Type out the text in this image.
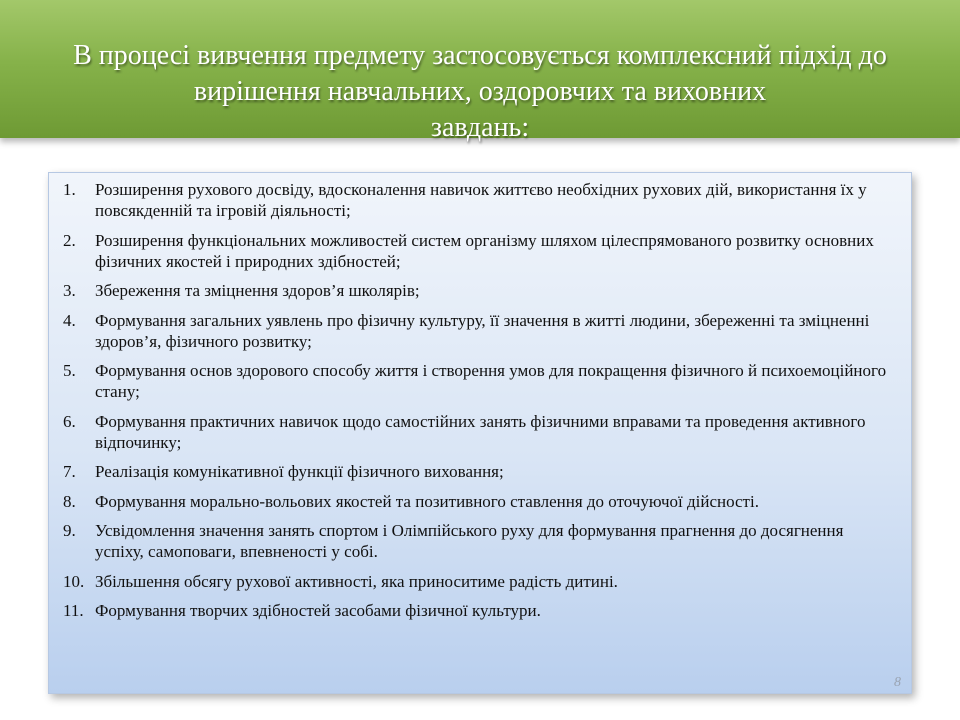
В процесі вивчення предмету застосовується комплексний підхід до
вирішення навчальних, оздоровчих та виховних
завдань:
1.	Розширення рухового досвіду, вдосконалення навичок життєво необхідних рухових дій, використання їх у повсякденній та ігровій діяльності;
2.	Розширення функціональних можливостей систем організму шляхом цілеспрямованого розвитку основних фізичних якостей і природних здібностей;
3.	Збереження та зміцнення здоров’я школярів;
4.	Формування загальних уявлень про фізичну культуру, її значення в житті людини, збереженні та зміцненні здоров’я, фізичного розвитку;
5.	Формування основ здорового способу життя і створення умов для покращення фізичного й психоемоційного стану;
6.	Формування практичних навичок щодо самостійних занять фізичними вправами та проведення активного відпочинку;
7.	Реалізація комунікативної функції фізичного виховання;
8.	Формування морально-вольових якостей та позитивного ставлення до оточуючої дійсності.
9.	Усвідомлення значення занять спортом і Олімпійського руху для формування прагнення до досягнення успіху, самоповаги, впевненості у собі.
10. Збільшення обсягу рухової активності, яка приноситиме радість дитині.
11. Формування творчих здібностей засобами фізичної культури.
8
